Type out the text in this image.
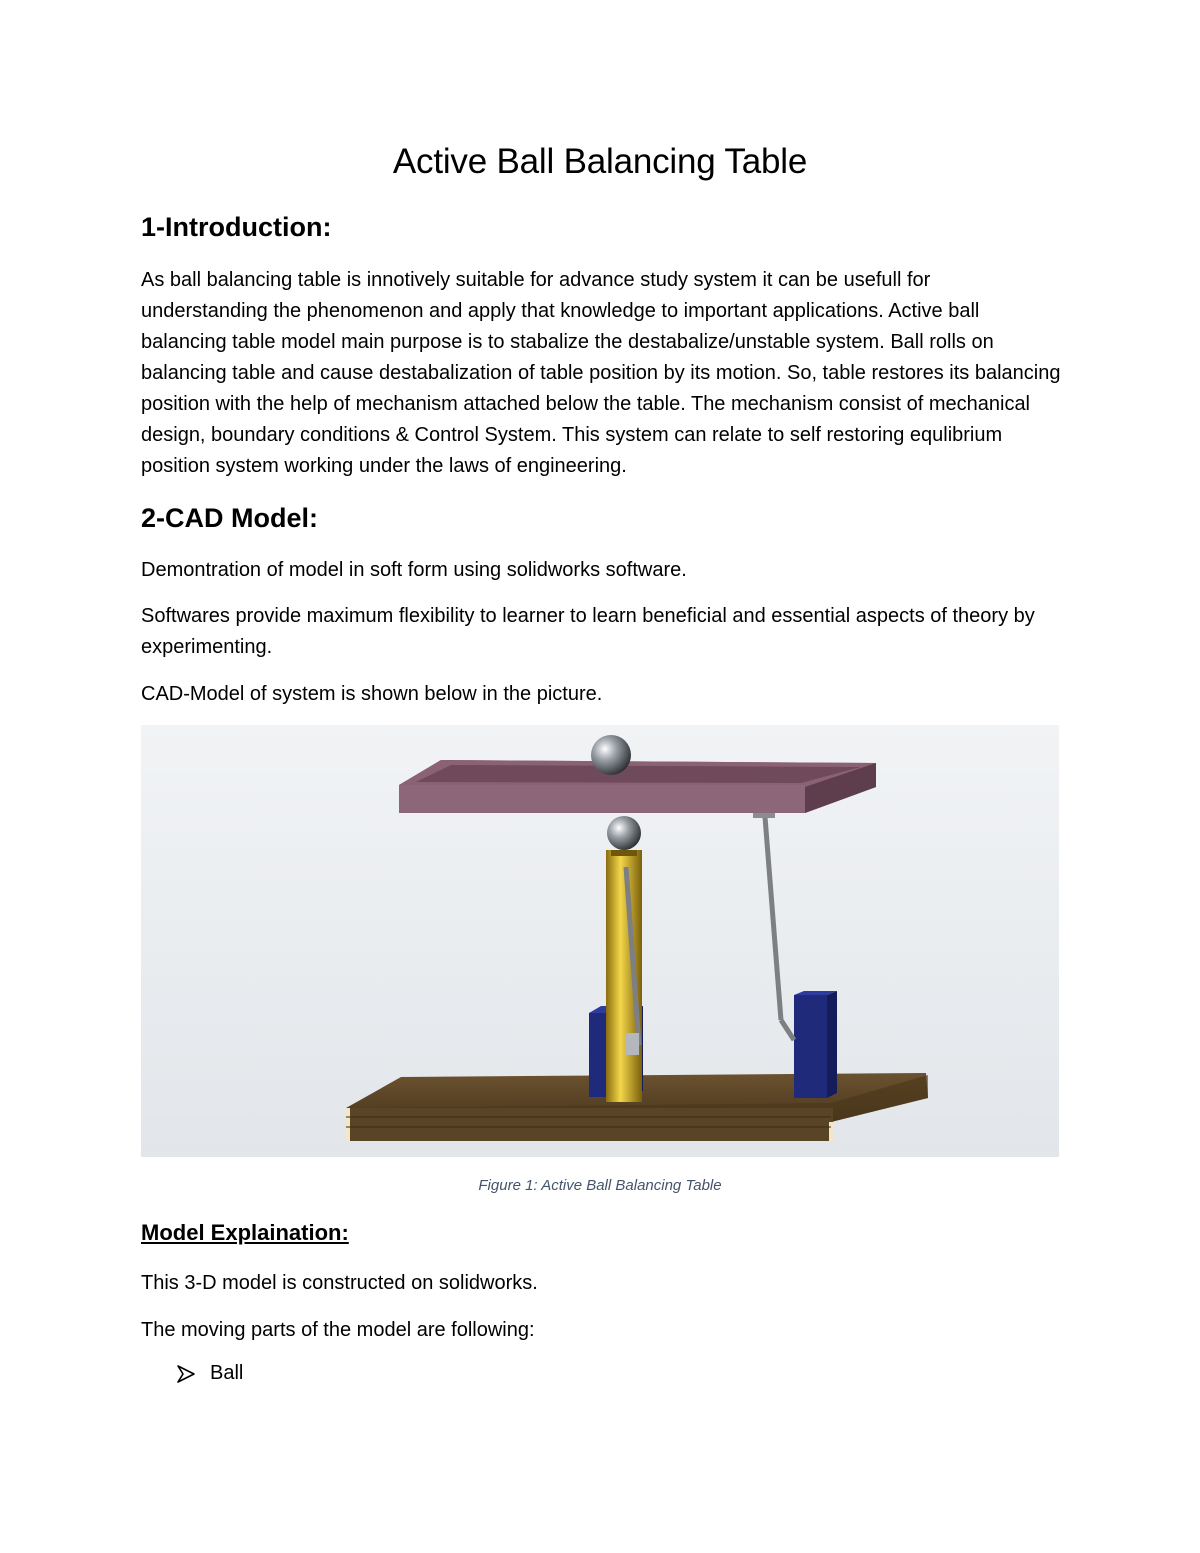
Active Ball Balancing Table
1-Introduction:

As ball balancing table is innotively suitable for advance study system it can be usefull for understanding the phenomenon and apply that knowledge to important applications. Active ball balancing table model main purpose is to stabalize the destabalize/unstable system. Ball rolls on balancing table and cause destabalization of table position by its motion. So, table restores its balancing position with the help of mechanism attached below the table. The mechanism consist of mechanical design, boundary conditions & Control System. This system can relate to self restoring equlibrium position system working under the laws of engineering.

2-CAD Model:

Demontration of model in soft form using solidworks software.

Softwares provide maximum flexibility to learner to learn beneficial and essential aspects of theory by experimenting.

CAD-Model of system is shown below in the picture.

Figure 1: Active Ball Balancing Table

Model Explaination:

This 3-D model is constructed on solidworks.

The moving parts of the model are following:

Ball
